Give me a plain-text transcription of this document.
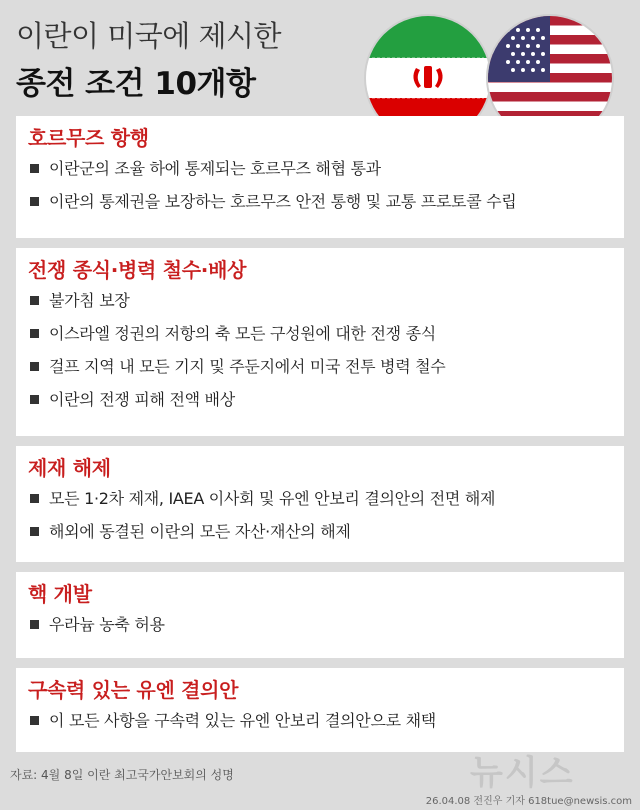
이란이 미국에 제시한
종전 조건 10개항
호르무즈 항행
이란군의 조율 하에 통제되는 호르무즈 해협 통과
이란의 통제권을 보장하는 호르무즈 안전 통행 및 교통 프로토콜 수립
전쟁 종식·병력 철수·배상
불가침 보장
이스라엘 정권의 저항의 축 모든 구성원에 대한 전쟁 종식
걸프 지역 내 모든 기지 및 주둔지에서 미국 전투 병력 철수
이란의 전쟁 피해 전액 배상
제재 해제
모든 1·2차 제재, IAEA 이사회 및 유엔 안보리 결의안의 전면 해제
해외에 동결된 이란의 모든 자산·재산의 해제
핵 개발
우라늄 농축 허용
구속력 있는 유엔 결의안
이 모든 사항을 구속력 있는 유엔 안보리 결의안으로 채택
자료: 4월 8일 이란 최고국가안보회의 성명	뉴시스
26.04.08 전진우 기자 618tue@newsis.com
